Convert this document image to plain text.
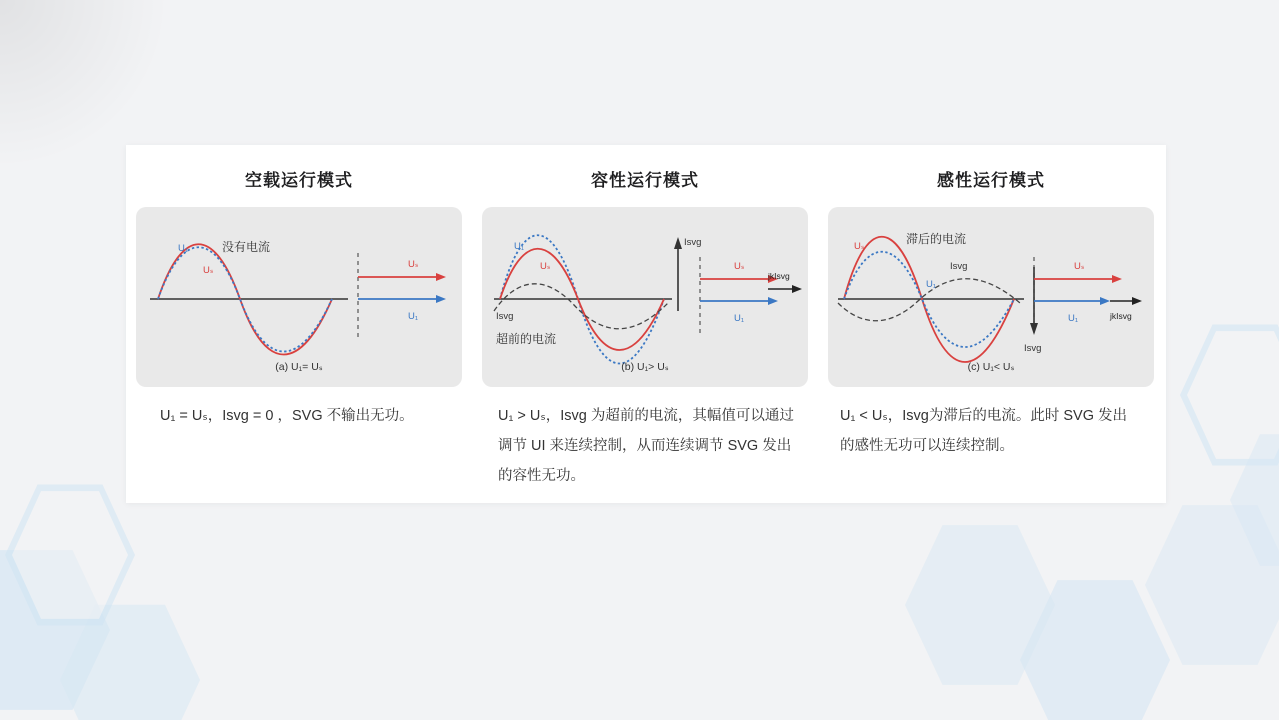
空载运行模式
U₁
Uₛ
没有电流
Uₛ
U₁
(a) U₁= Uₛ
U₁ = Uₛ，Isvg = 0 ，SVG 不输出无功。
容性运行模式
U₁
Uₛ
Isvg
超前的电流
Isvg
Uₛ
U₁
jkIsvg
(b) U₁> Uₛ
U₁ > Uₛ，Isvg 为超前的电流，其幅值可以通过调节 UI 来连续控制，从而连续调节 SVG 发出的容性无功。
感性运行模式
Uₛ
U₁
Isvg
滞后的电流
Isvg
Uₛ
U₁	jkIsvg
(c) U₁< Uₛ
U₁ < Uₛ，Isvg为滞后的电流。此时 SVG 发出的感性无功可以连续控制。
